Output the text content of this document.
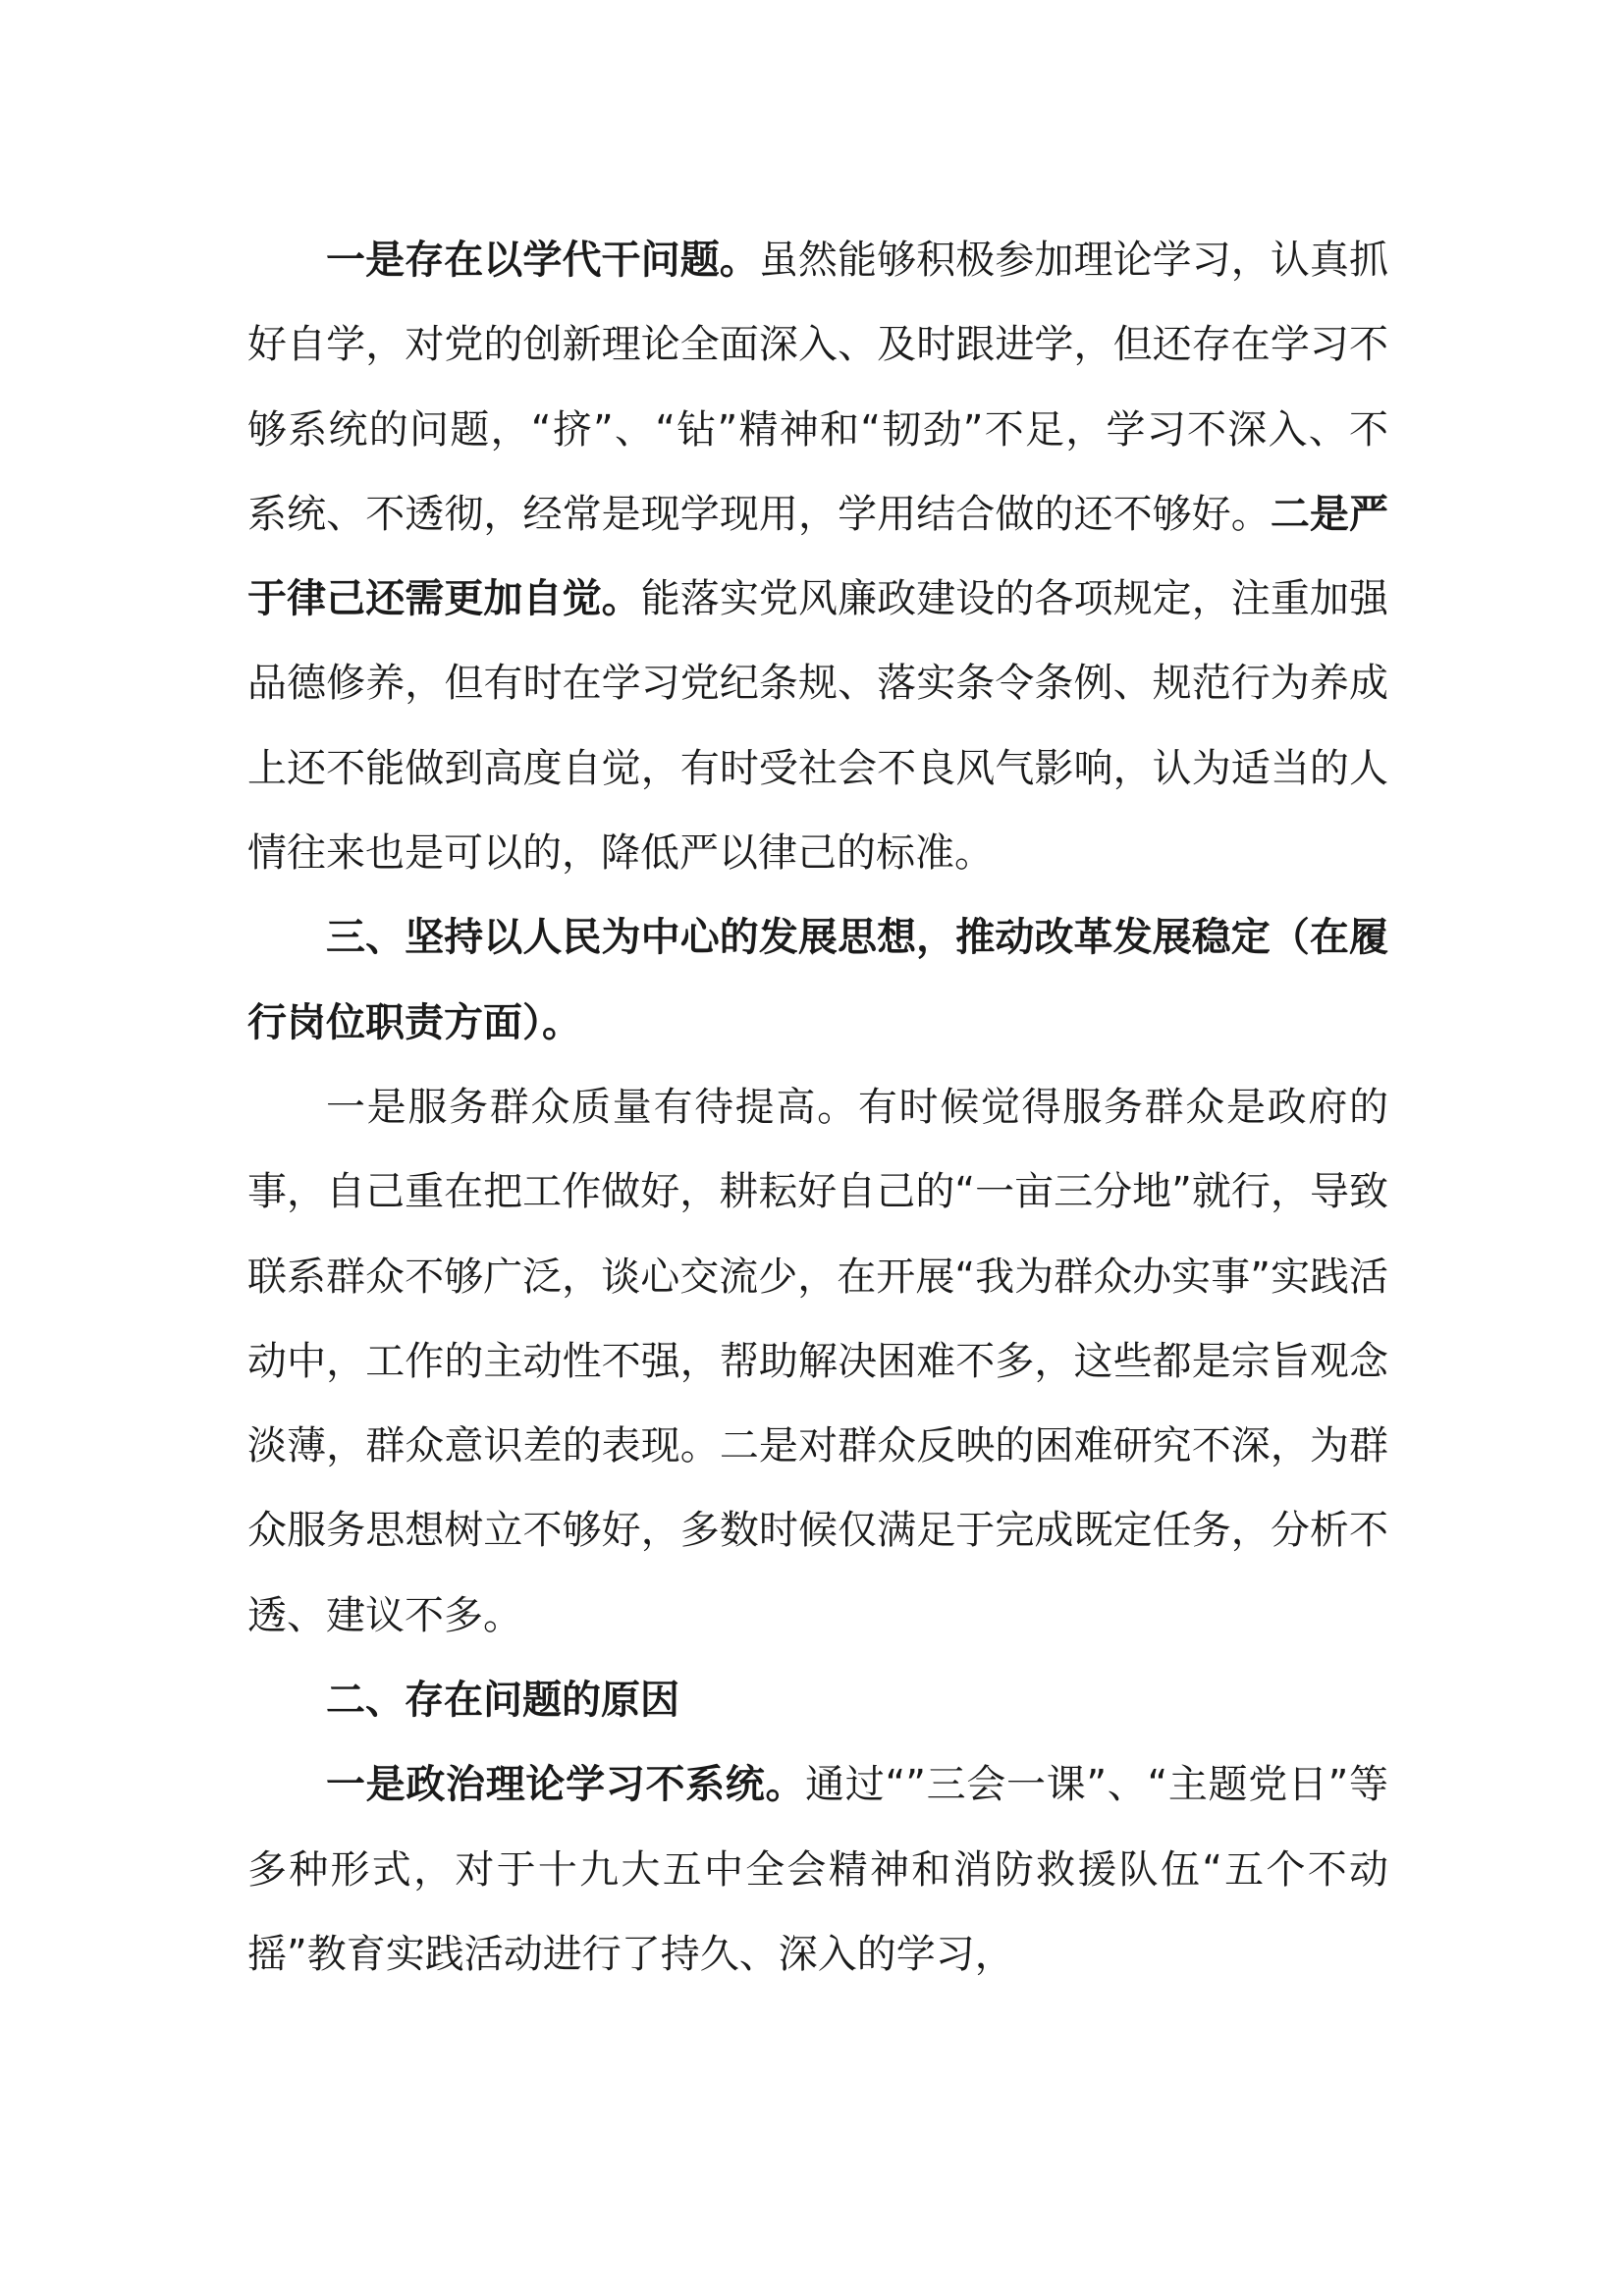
一是存在以学代干问题。虽然能够积极参加理论学习，认真抓好自学，对党的创新理论全面深入、及时跟进学，但还存在学习不够系统的问题，“挤”、“钻”精神和“韧劲”不足，学习不深入、不系统、不透彻，经常是现学现用，学用结合做的还不够好。二是严于律己还需更加自觉。能落实党风廉政建设的各项规定，注重加强品德修养，但有时在学习党纪条规、落实条令条例、规范行为养成上还不能做到高度自觉，有时受社会不良风气影响，认为适当的人情往来也是可以的，降低严以律己的标准。

三、坚持以人民为中心的发展思想，推动改革发展稳定（在履行岗位职责方面）。

一是服务群众质量有待提高。有时候觉得服务群众是政府的事，自己重在把工作做好，耕耘好自己的“一亩三分地”就行，导致联系群众不够广泛，谈心交流少，在开展“我为群众办实事”实践活动中，工作的主动性不强，帮助解决困难不多，这些都是宗旨观念淡薄，群众意识差的表现。二是对群众反映的困难研究不深，为群众服务思想树立不够好，多数时候仅满足于完成既定任务，分析不透、建议不多。

二、存在问题的原因

一是政治理论学习不系统。通过“”三会一课”、“主题党日”等多种形式，对于十九大五中全会精神和消防救援队伍“五个不动摇”教育实践活动进行了持久、深入的学习，
